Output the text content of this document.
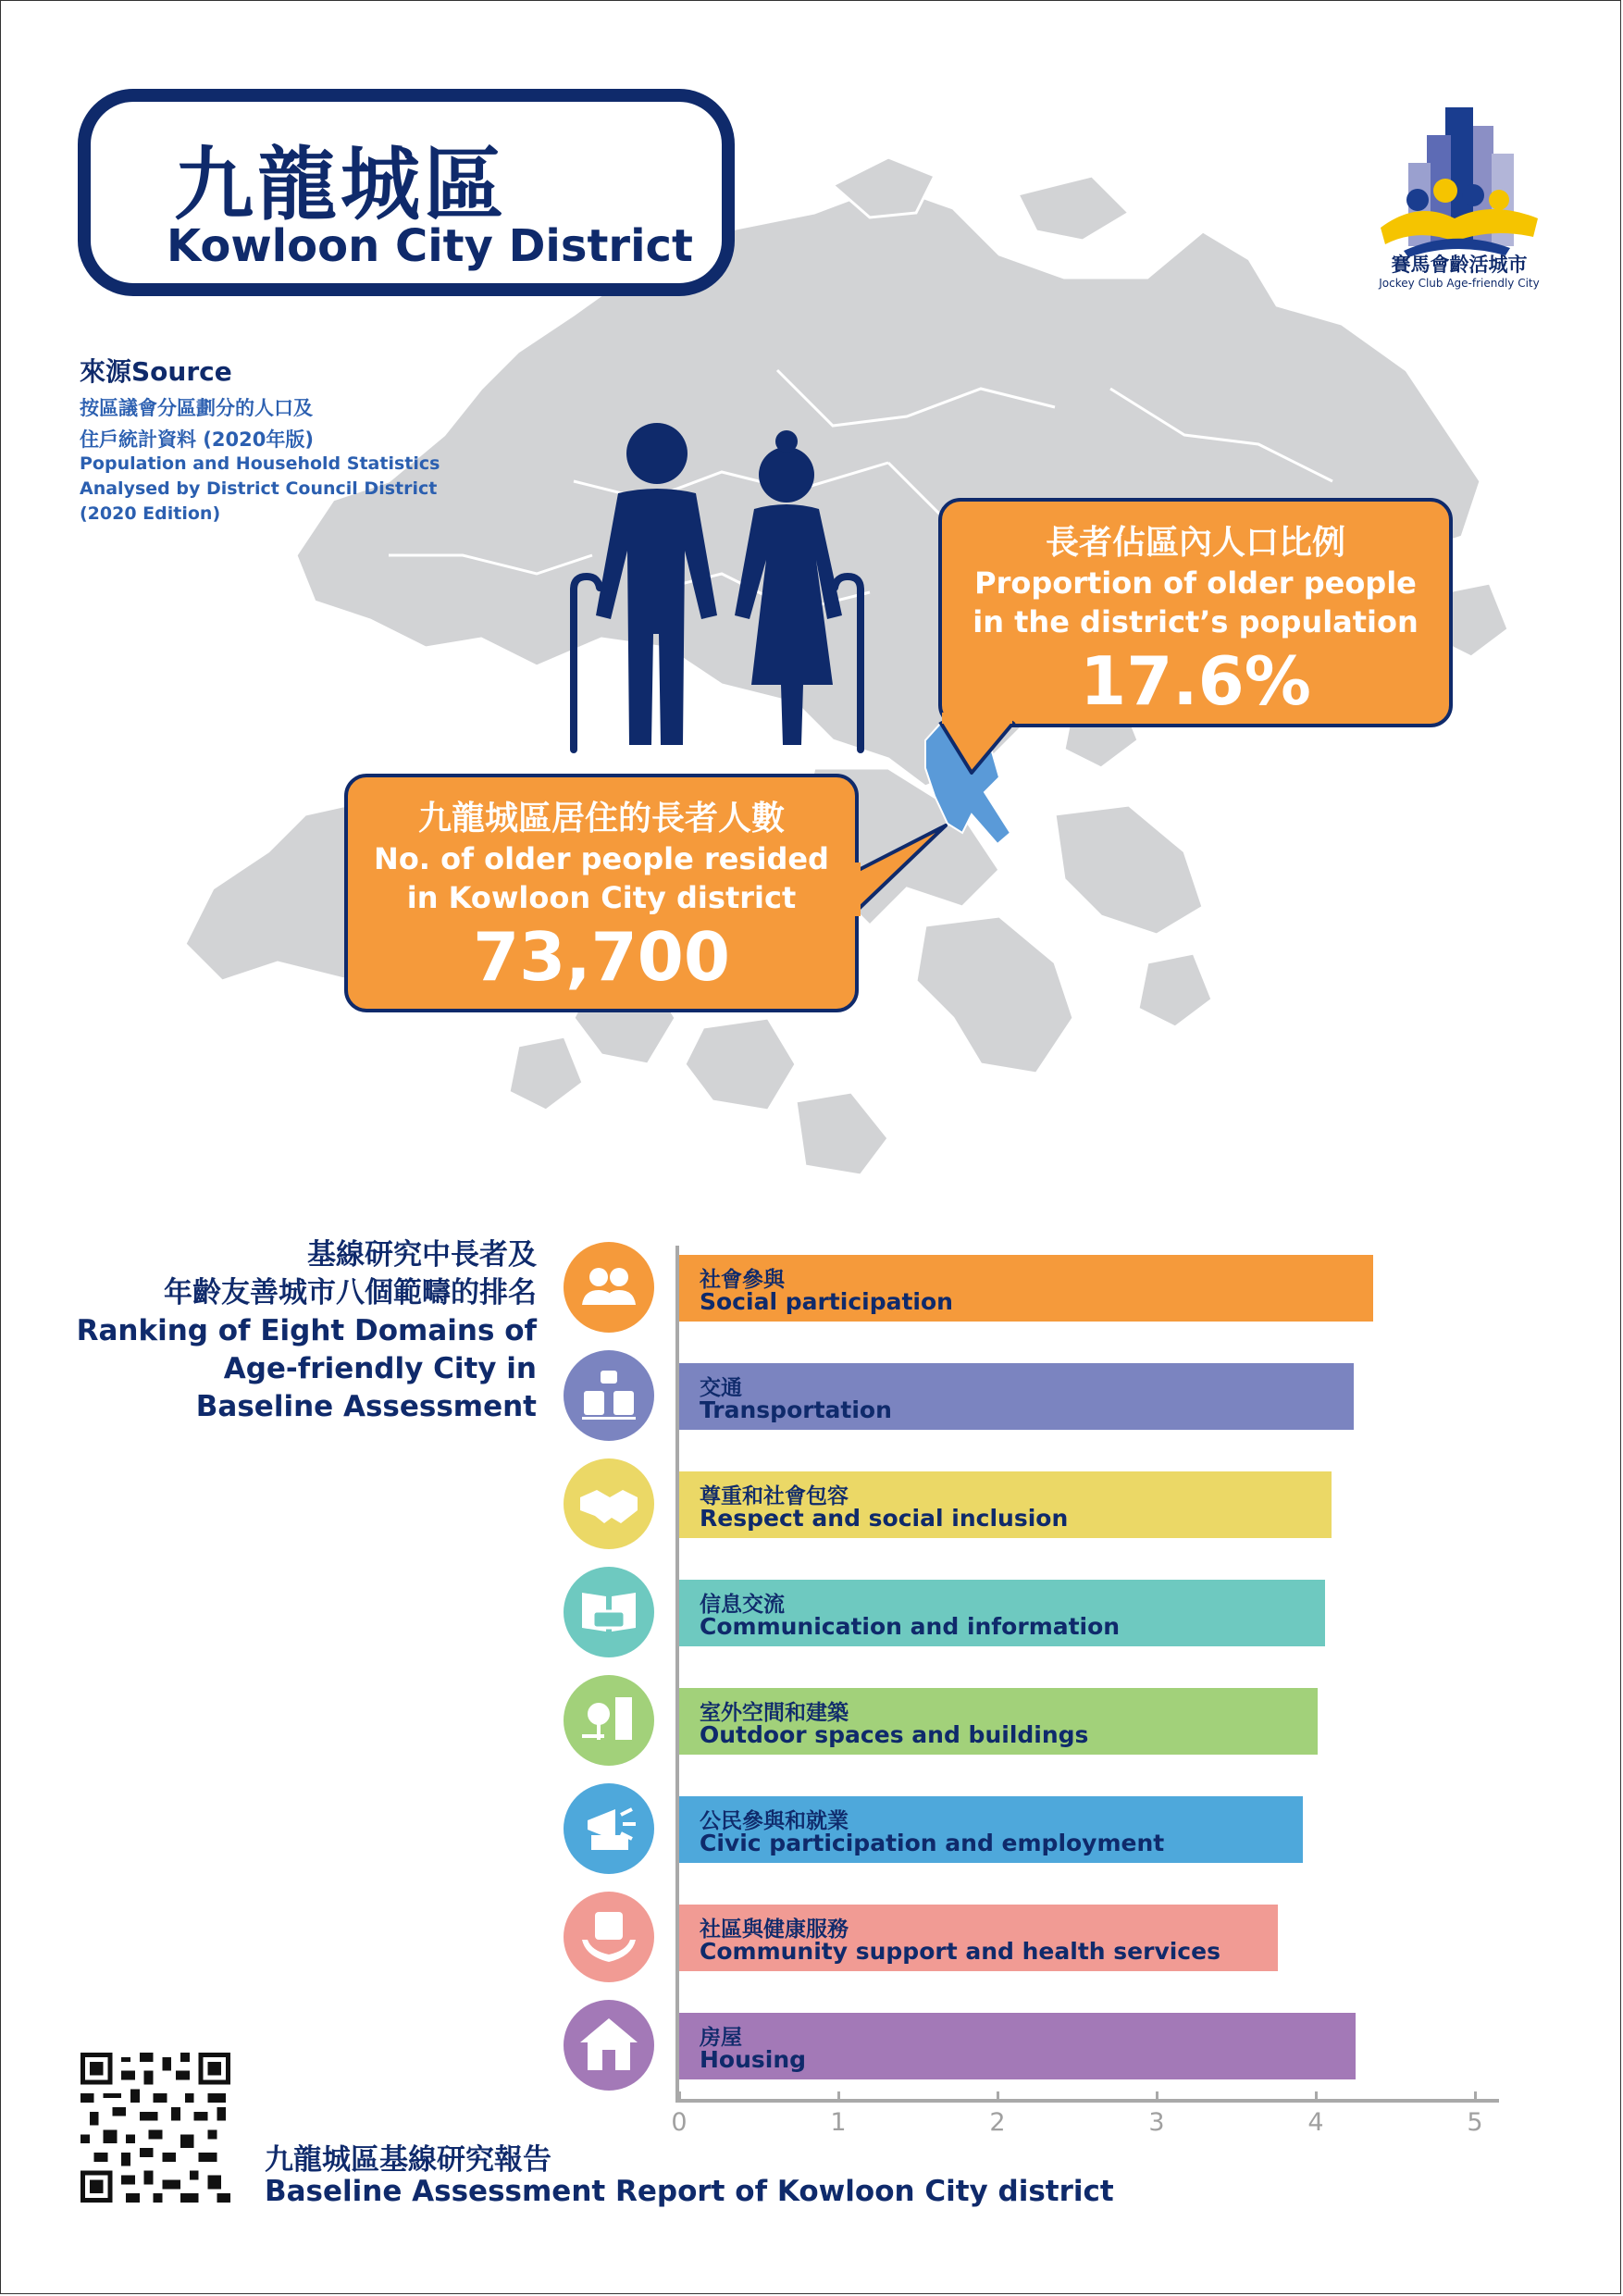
九龍城區
Kowloon City District	賽馬會齡活城市
Jockey Club Age-friendly City
來源Source
按區議會分區劃分的人口及
住戶統計資料 (2020年版)
Population and Household Statistics
Analysed by District Council District
(2020 Edition)
長者佔區內人口比例
Proportion of older people
in the district’s population
17.6%
九龍城區居住的長者人數
No. of older people resided
in Kowloon City district
73,700
基線研究中長者及
年齡友善城市八個範疇的排名
Ranking of Eight Domains of
Age-friendly City in
Baseline Assessment
社會參與
Social participation
交通
Transportation
尊重和社會包容
Respect and social inclusion
信息交流
Communication and information
室外空間和建築
Outdoor spaces and buildings
公民參與和就業
Civic participation and employment
社區與健康服務
Community support and health services
房屋
Housing
0	1	2	3	4	5
九龍城區基線研究報告
Baseline Assessment Report of Kowloon City district
